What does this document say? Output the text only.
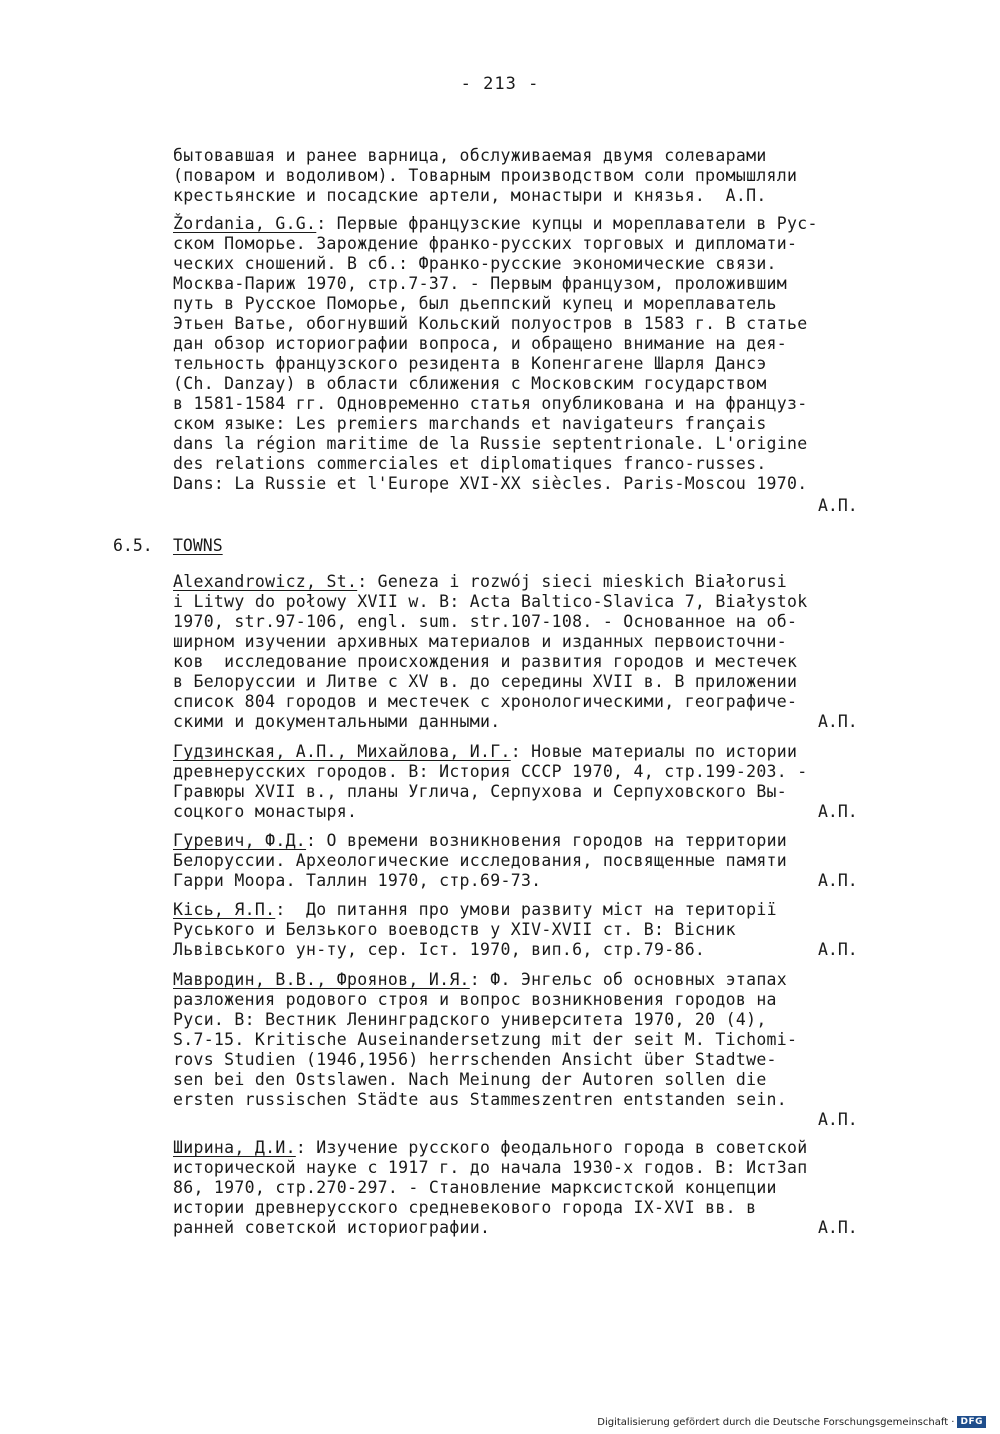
- 213 -
бытовавшая и ранее варница, обслуживаемая двумя солеварами
(поваром и водоливом). Товарным производством соли промышляли
крестьянские и посадские артели, монастыри и князья.  А.П.
Žordania, G.G.: Первые французские купцы и мореплаватели в Рус-
ском Поморье. Зарождение франко-русских торговых и дипломати-
ческих сношений. В сб.: Франко-русские экономические связи.
Москва-Париж 1970, стр.7-37. - Первым французом, проложившим
путь в Русское Поморье, был дьеппский купец и мореплаватель
Этьен Ватье, обогнувший Кольский полуостров в 1583 г. В статье
дан обзор историографии вопроса, и обращено внимание на дея-
тельность французского резидента в Копенгагене Шарля Дансэ
(Ch. Danzay) в области сближения с Московским государством
в 1581-1584 гг. Одновременно статья опубликована и на француз-
ском языке: Les premiers marchands et navigateurs français
dans la région maritime de la Russie septentrionale. L'origine
des relations commerciales et diplomatiques franco-russes.
Dans: La Russie et l'Europe XVI-XX siècles. Paris-Moscou 1970.
А.П.
6.5. TOWNS
Alexandrowicz, St.: Geneza i rozwój sieci mieskich Białorusi
i Litwy do połowy XVII w. В: Acta Baltico-Slavica 7, Białystok
1970, str.97-106, engl. sum. str.107-108. - Основанное на об-
ширном изучении архивных материалов и изданных первоисточни-
ков  исследование происхождения и развития городов и местечек
в Белоруссии и Литве с XV в. до середины XVII в. В приложении
список 804 городов и местечек с хронологическими, географиче-
скими и документальными данными.	А.П.
Гудзинская, А.П., Михайлова, И.Г.: Новые материалы по истории
древнерусских городов. В: История СССР 1970, 4, стр.199-203. -
Гравюры XVII в., планы Углича, Серпухова и Серпуховского Вы-
соцкого монастыря.	А.П.
Гуревич, Ф.Д.: О времени возникновения городов на территории
Белоруссии. Археологические исследования, посвященные памяти
Гарри Моора. Таллин 1970, стр.69-73.	А.П.
Кісь, Я.П.:  До питання про умови развиту міст на території
Руського и Белзького воеводств у XIV-XVII ст. В: Вісник
Львівського ун-ту, сер. Іст. 1970, вип.6, стр.79-86.	А.П.
Мавродин, В.В., Фроянов, И.Я.: Ф. Энгельс об основных этапах
разложения родового строя и вопрос возникновения городов на
Руси. В: Вестник Ленинградского университета 1970, 20 (4),
S.7-15. Kritische Auseinandersetzung mit der seit M. Tichomi-
rovs Studien (1946,1956) herrschenden Ansicht über Stadtwe-
sen bei den Ostslawen. Nach Meinung der Autoren sollen die
ersten russischen Städte aus Stammeszentren entstanden sein.
А.П.
Ширина, Д.И.: Изучение русского феодального города в советской
исторической науке с 1917 г. до начала 1930-х годов. В: ИстЗап
86, 1970, стр.270-297. - Становление марксистской концепции
истории древнерусского средневекового города IX-XVI вв. в
ранней советской историографии.	А.П.
Digitalisierung gefördert durch die Deutsche Forschungsgemeinschaft · DFG
